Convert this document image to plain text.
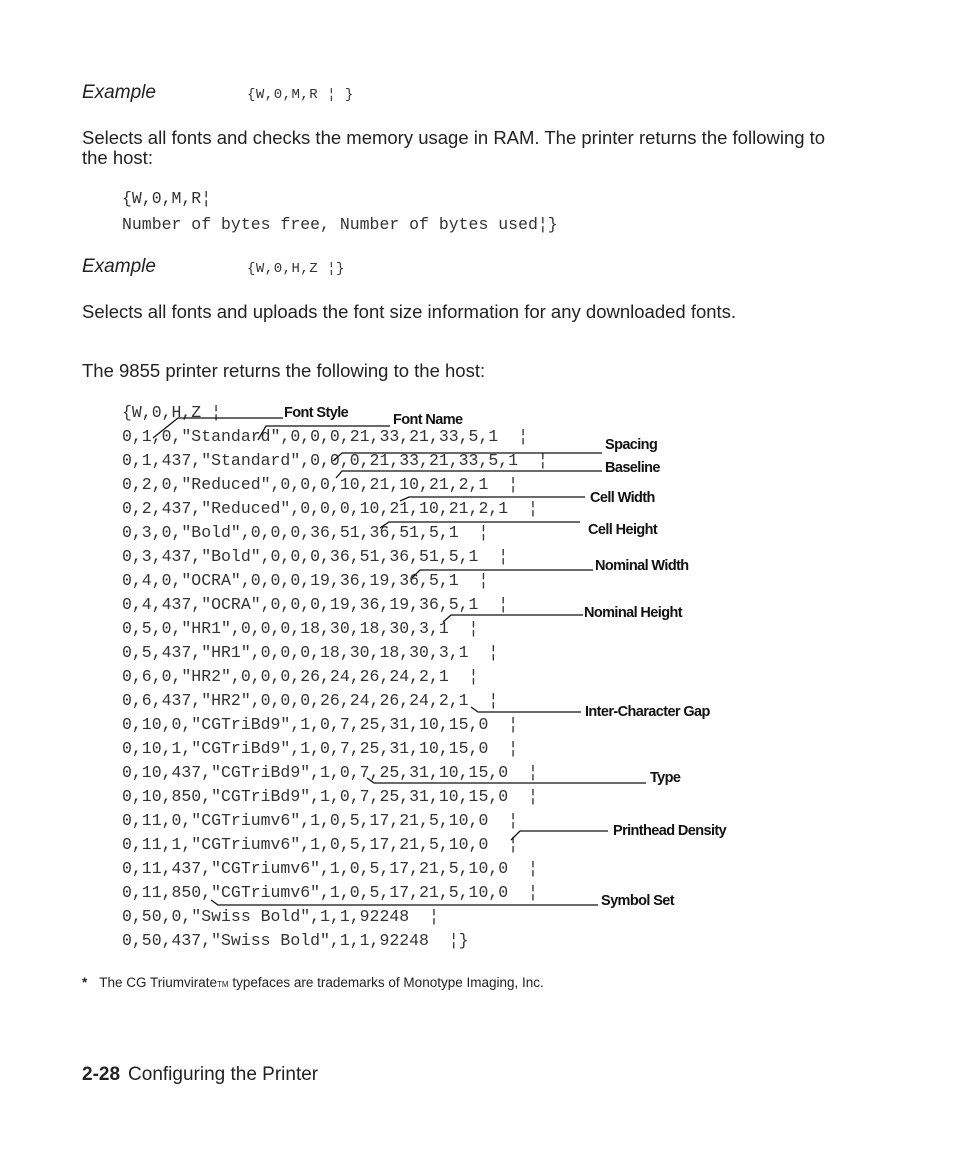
Example	{W,0,M,R ¦ }
Selects all fonts and checks the memory usage in RAM. The printer returns the following to the host:
{W,0,M,R¦
Number of bytes free, Number of bytes used¦}
Example	{W,0,H,Z ¦}
Selects all fonts and uploads the font size information for any downloaded fonts.
The 9855 printer returns the following to the host:

{W,0,H,Z ¦

0,1,0,"Standard",0,0,0,21,33,21,33,5,1  ¦

0,1,437,"Standard",0,0,0,21,33,21,33,5,1  ¦

0,2,0,"Reduced",0,0,0,10,21,10,21,2,1  ¦

0,2,437,"Reduced",0,0,0,10,21,10,21,2,1  ¦

0,3,0,"Bold",0,0,0,36,51,36,51,5,1  ¦

0,3,437,"Bold",0,0,0,36,51,36,51,5,1  ¦

0,4,0,"OCRA",0,0,0,19,36,19,36,5,1  ¦

0,4,437,"OCRA",0,0,0,19,36,19,36,5,1  ¦

0,5,0,"HR1",0,0,0,18,30,18,30,3,1  ¦

0,5,437,"HR1",0,0,0,18,30,18,30,3,1  ¦

0,6,0,"HR2",0,0,0,26,24,26,24,2,1  ¦

0,6,437,"HR2",0,0,0,26,24,26,24,2,1  ¦

0,10,0,"CGTriBd9",1,0,7,25,31,10,15,0  ¦

0,10,1,"CGTriBd9",1,0,7,25,31,10,15,0  ¦

0,10,437,"CGTriBd9",1,0,7,25,31,10,15,0  ¦

0,10,850,"CGTriBd9",1,0,7,25,31,10,15,0  ¦

0,11,0,"CGTriumv6",1,0,5,17,21,5,10,0  ¦

0,11,1,"CGTriumv6",1,0,5,17,21,5,10,0  ¦

0,11,437,"CGTriumv6",1,0,5,17,21,5,10,0  ¦

0,11,850,"CGTriumv6",1,0,5,17,21,5,10,0  ¦

0,50,0,"Swiss Bold",1,1,92248  ¦

0,50,437,"Swiss Bold",1,1,92248  ¦}

Font Style	Font Name
Spacing
Baseline
Cell Width
Cell Height
Nominal Width
Nominal Height
Inter-Character Gap
Type
Printhead Density
Symbol Set
* The CG TriumvirateTM typefaces are trademarks of Monotype Imaging, Inc.
2-28 Configuring the Printer
